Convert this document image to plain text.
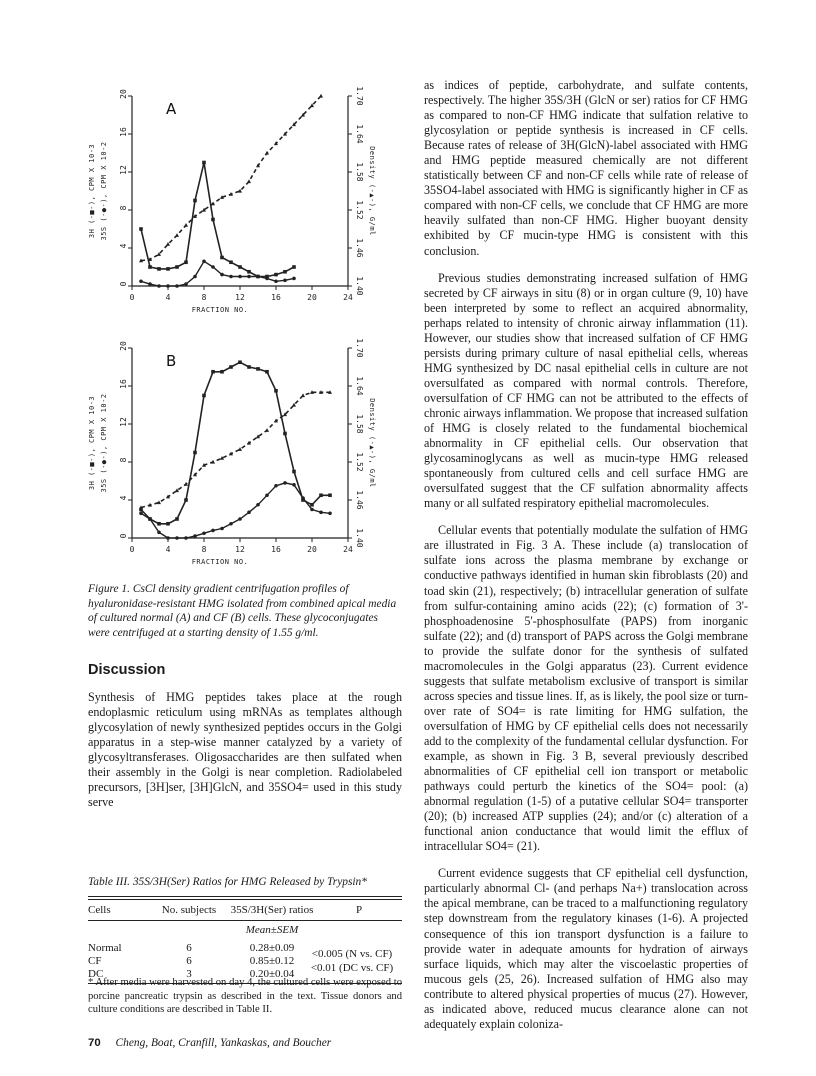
0	4	8	12	16	20	24
0
4
8
12
16
20
1.40
1.46
1.52
1.58
1.64
1.70
FRACTION NO.
3H (-■-), CPM X 10-3 35S (-●-), CPM X 10-2	Density (-▲-), G/ml
A
0	4	8	12	16	20	24
0
4
8
12
16
20
1.40
1.46
1.52
1.58
1.64
1.70
FRACTION NO.
3H (-■-), CPM X 10-3 35S (-●-), CPM X 10-2	Density (-▲-), G/ml
B

Figure 1. CsCl density gradient centrifugation profiles of hyaluronidase-resistant HMG isolated from combined apical media of cultured normal (A) and CF (B) cells. These glycoconjugates were centrifuged at a starting density of 1.55 g/ml.

Discussion

Synthesis of HMG peptides takes place at the rough endoplasmic reticulum using mRNAs as templates although glycosylation of newly synthesized peptides occurs in the Golgi apparatus in a step-wise manner catalyzed by a variety of glycosyltransferases. Oligosaccharides are then sulfated when their assembly in the Golgi is near completion. Radiolabeled precursors, [3H]ser, [3H]GlcN, and 35SO4= used in this study serve

Table III. 35S/3H(Ser) Ratios for HMG Released by Trypsin*

Cells	No. subjects	35S/3H(Ser) ratios	P
Mean±SEM
Normal	6	0.28±0.09
CF	6	0.85±0.12
DC	3	0.20±0.04
<0.005 (N vs. CF)
<0.01 (DC vs. CF)

* After media were harvested on day 4, the cultured cells were exposed to porcine pancreatic trypsin as described in the text. Tissue donors and culture conditions are described in Table II.

70 Cheng, Boat, Cranfill, Yankaskas, and Boucher

as indices of peptide, carbohydrate, and sulfate contents, respectively. The higher 35S/3H (GlcN or ser) ratios for CF HMG as compared to non-CF HMG indicate that sulfation relative to glycosylation or peptide synthesis is increased in CF cells. Because rates of release of 3H(GlcN)-label associated with HMG and HMG peptide measured chemically are not different statistically between CF and non-CF cells while rate of release of 35SO4-label associated with HMG is significantly higher in CF as compared with non-CF cells, we conclude that CF HMG are more heavily sulfated than non-CF HMG. Higher buoyant density exhibited by CF mucin-type HMG is consistent with this conclusion.

Previous studies demonstrating increased sulfation of HMG secreted by CF airways in situ (8) or in organ culture (9, 10) have been interpreted by some to reflect an acquired abnormality, perhaps related to intensity of chronic airway inflammation (11). However, our studies show that increased sulfation of CF HMG persists during primary culture of nasal epithelial cells, whereas HMG synthesized by DC nasal epithelial cells in culture are not oversulfated as compared with normal controls. Therefore, oversulfation of CF HMG can not be attributed to the effects of chronic airways inflammation. We propose that increased sulfation of HMG is closely related to the fundamental biochemical abnormality in CF epithelial cells. Our observation that glycosaminoglycans as well as mucin-type HMG released spontaneously from cultured cells and cell surface HMG are oversulfated suggest that the CF sulfation abnormality affects many or all sulfated respiratory epithelial macromolecules.

Cellular events that potentially modulate the sulfation of HMG are illustrated in Fig. 3 A. These include (a) translocation of sulfate ions across the plasma membrane by exchange or conductive pathways identified in human skin fibroblasts (20) and toad skin (21), respectively; (b) intracellular generation of sulfate from sulfur-containing amino acids (22); (c) formation of 3'-phosphoadenosine 5'-phosphosulfate (PAPS) from inorganic sulfate (22); and (d) transport of PAPS across the Golgi membrane to provide the sulfate donor for the synthesis of sulfated macromolecules in the Golgi apparatus (23). Current evidence suggests that sulfate metabolism exclusive of transport is similar across species and tissue lines. If, as is likely, the pool size or turn-over rate of SO4= is rate limiting for HMG sulfation, the oversulfation of HMG by CF epithelial cells does not necessarily add to the complexity of the fundamental cellular dysfunction. For example, as shown in Fig. 3 B, several previously described abnormalities of CF epithelial cell ion transport or metabolic pathways could perturb the kinetics of the SO4= pool: (a) abnormal regulation (1-5) of a putative cellular SO4= transporter (20); (b) increased ATP supplies (24); and/or (c) alteration of a functional anion conductance that would limit the efflux of intracellular SO4= (21).

Current evidence suggests that CF epithelial cell dysfunction, particularly abnormal Cl- (and perhaps Na+) translocation across the apical membrane, can be traced to a malfunctioning regulatory step downstream from the regulatory kinases (1-6). A projected consequence of this ion transport dysfunction is a failure to provide water in adequate amounts for hydration of airways surface liquids, which may alter the viscoelastic properties of mucous gels (25, 26). Increased sulfation of HMG also may contribute to altered physical properties of mucus (27). However, as indicated above, reduced mucus clearance alone can not adequately explain coloniza-
